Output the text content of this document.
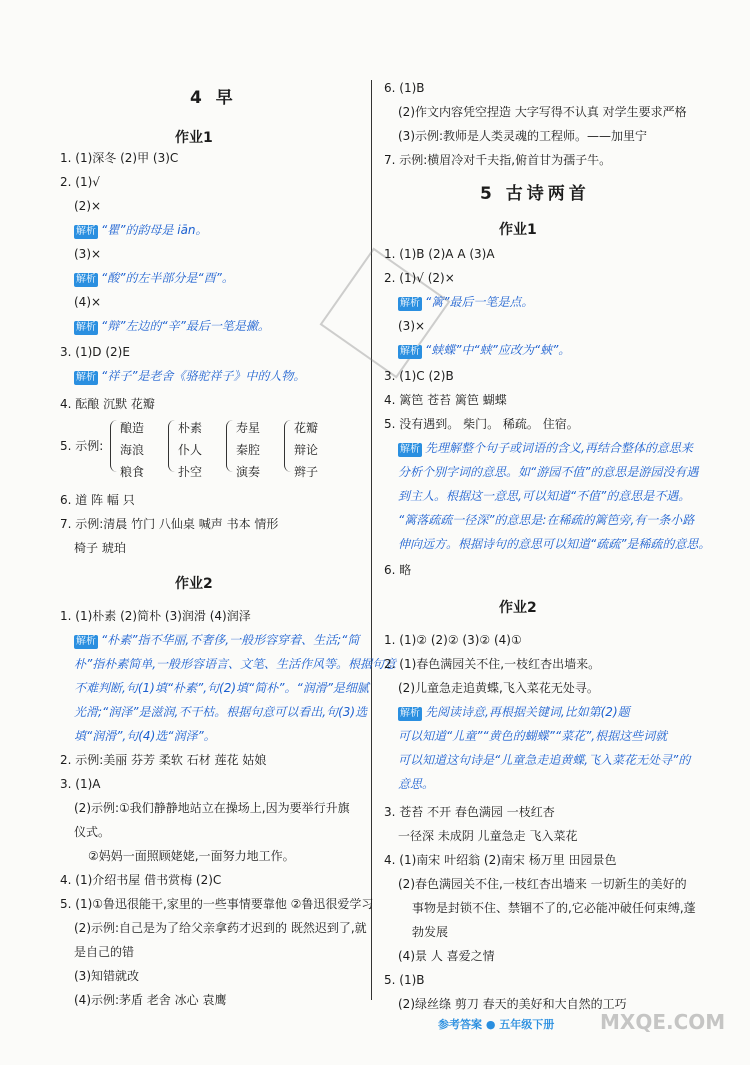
4 早
作业1
1. (1)深冬 (2)甲 (3)C
2. (1)√
(2)×
解析 “瞿”的韵母是 iān。
(3)×
解析 “酸”的左半部分是“酉”。
(4)×
解析 “辩”左边的“辛”最后一笔是撇。
3. (1)D (2)E
解析 “祥子”是老舍《骆驼祥子》中的人物。
4. 酝酿 沉默 花瓣
5. 示例:
酿造
海浪
粮食
朴素
仆人
扑空
寿星
秦腔
演奏
花瓣
辩论
辫子
6. 道 阵 幅 只
7. 示例:清晨 竹门 八仙桌 喊声 书本 情形
椅子 琥珀
作业2
1. (1)朴素 (2)简朴 (3)润滑 (4)润泽
解析 “朴素”指不华丽,不奢侈,一般形容穿着、生活;“简
朴”指朴素简单,一般形容语言、文笔、生活作风等。根据句意
不难判断,句(1)填“朴素”,句(2)填“简朴”。“润滑”是细腻
光滑;“润泽”是滋润,不干枯。根据句意可以看出,句(3)选
填“润滑”,句(4)选“润泽”。
2. 示例:美丽 芬芳 柔软 石材 莲花 姑娘
3. (1)A
(2)示例:①我们静静地站立在操场上,因为要举行升旗
仪式。
②妈妈一面照顾姥姥,一面努力地工作。
4. (1)介绍书屋 借书赏梅 (2)C
5. (1)①鲁迅很能干,家里的一些事情要靠他 ②鲁迅很爱学习
(2)示例:自己是为了给父亲拿药才迟到的 既然迟到了,就
是自己的错
(3)知错就改
(4)示例:茅盾 老舍 冰心 袁鹰
6. (1)B
(2)作文内容凭空捏造 大字写得不认真 对学生要求严格
(3)示例:教师是人类灵魂的工程师。——加里宁
7. 示例:横眉冷对千夫指,俯首甘为孺子牛。
5 古诗两首
作业1
1. (1)B (2)A A (3)A
2. (1)√ (2)×
解析 “篱”最后一笔是点。
(3)×
解析 “蛱蝶”中“蛱”应改为“蛺”。
3. (1)C (2)B
4. 篱笆 苍苔 篱笆 蝴蝶
5. 没有遇到。 柴门。 稀疏。 住宿。
解析 先理解整个句子或词语的含义,再结合整体的意思来
分析个别字词的意思。如“游园不值”的意思是游园没有遇
到主人。根据这一意思,可以知道“不值”的意思是不遇。
“篱落疏疏一径深”的意思是:在稀疏的篱笆旁,有一条小路
伸向远方。根据诗句的意思可以知道“疏疏”是稀疏的意思。
6. 略
作业2
1. (1)② (2)② (3)② (4)①
2. (1)春色满园关不住,一枝红杏出墙来。
(2)儿童急走追黄蝶,飞入菜花无处寻。
解析 先阅读诗意,再根据关键词,比如第(2)题
可以知道“儿童”“黄色的蝴蝶”“菜花”,根据这些词就
可以知道这句诗是“儿童急走追黄蝶,飞入菜花无处寻”的
意思。
3. 苍苔 不开 春色满园 一枝红杏
一径深 未成阴 儿童急走 飞入菜花
4. (1)南宋 叶绍翁 (2)南宋 杨万里 田园景色
(2)春色满园关不住,一枝红杏出墙来 一切新生的美好的
事物是封锁不住、禁锢不了的,它必能冲破任何束缚,蓬
勃发展
(4)景 人 喜爱之情
5. (1)B
(2)绿丝绦 剪刀 春天的美好和大自然的工巧
参考答案 ● 五年级下册 MXQE.COM
